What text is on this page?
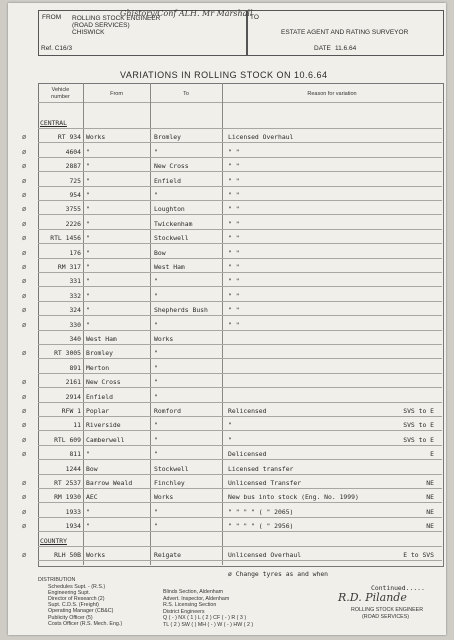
FROM ROLLING STOCK ENGINEER
(ROAD SERVICES)
CHISWICK
Ghistory/Conf ALH. Mr Marshall
Ref. C16/3
TO
ESTATE AGENT AND RATING SURVEYOR
DATE 11.6.64
VARIATIONS IN ROLLING STOCK ON 10.6.64
Vehicle
number	From	To	Reason for variation
CENTRAL
ø	RT 934 Works	Bromley	Licensed Overhaul
ø	4604 "	"	" "
ø	2887 "	New Cross	" "
ø	725 "	Enfield	" "
ø	954 "	"	" "
ø	3755 "	Loughton	" "
ø	2226 "	Twickenham	" "
ø	RTL 1456 "	Stockwell	" "
ø	176 "	Bow	" "
ø	RM 317 "	West Ham	" "
ø	331 "	"	" "
ø	332 "	"	" "
ø	324 "	Shepherds Bush	" "
ø	330 "	"	" "
340 West Ham	Works
ø	RT 3005 Bromley	"
891 Merton	"
ø	2161 New Cross	"
ø	2914 Enfield	"
ø	RFW 1 Poplar	Romford	Relicensed	SVS to E
ø	11 Riverside	"	"	SVS to E
ø	RTL 609 Camberwell	"	"	SVS to E
ø	811 "	"	Delicensed	E
1244 Bow	Stockwell	Licensed transfer
ø	RT 2537 Barrow Weald	Finchley	Unlicensed Transfer	NE
ø	RM 1930 AEC	Works	New bus into stock (Eng. No. 1999)	NE
ø	1933 "	"	" " " " ( " 2065)	NE
ø	1934 "	"	" " " " ( " 2956)	NE
COUNTRY
ø	RLH 50B Works	Reigate	Unlicensed Overhaul	E to SVS
ø Change tyres as and when
Continued.....
R.D. Pilande
ROLLING STOCK ENGINEER
(ROAD SERVICES)
DISTRIBUTION
Schedules Supt. - (R.S.)
Engineering Supt.
Director of Research (2)
Supt. C.D.S. (Freight)
Operating Manager (CB&C)
Publicity Officer (5)
Costs Officer (R.S. Mech. Eng.)
Blinds Section, Aldenham
Advert. Inspector, Aldenham
R.S. Licensing Section
District Engineers
Q ( - ) NX ( 1 ) L ( 2 ) CF ( - ) R ( 3 )
TL ( 2 ) SW ( ) MH ( - ) W ( - ) HW ( 2 )
